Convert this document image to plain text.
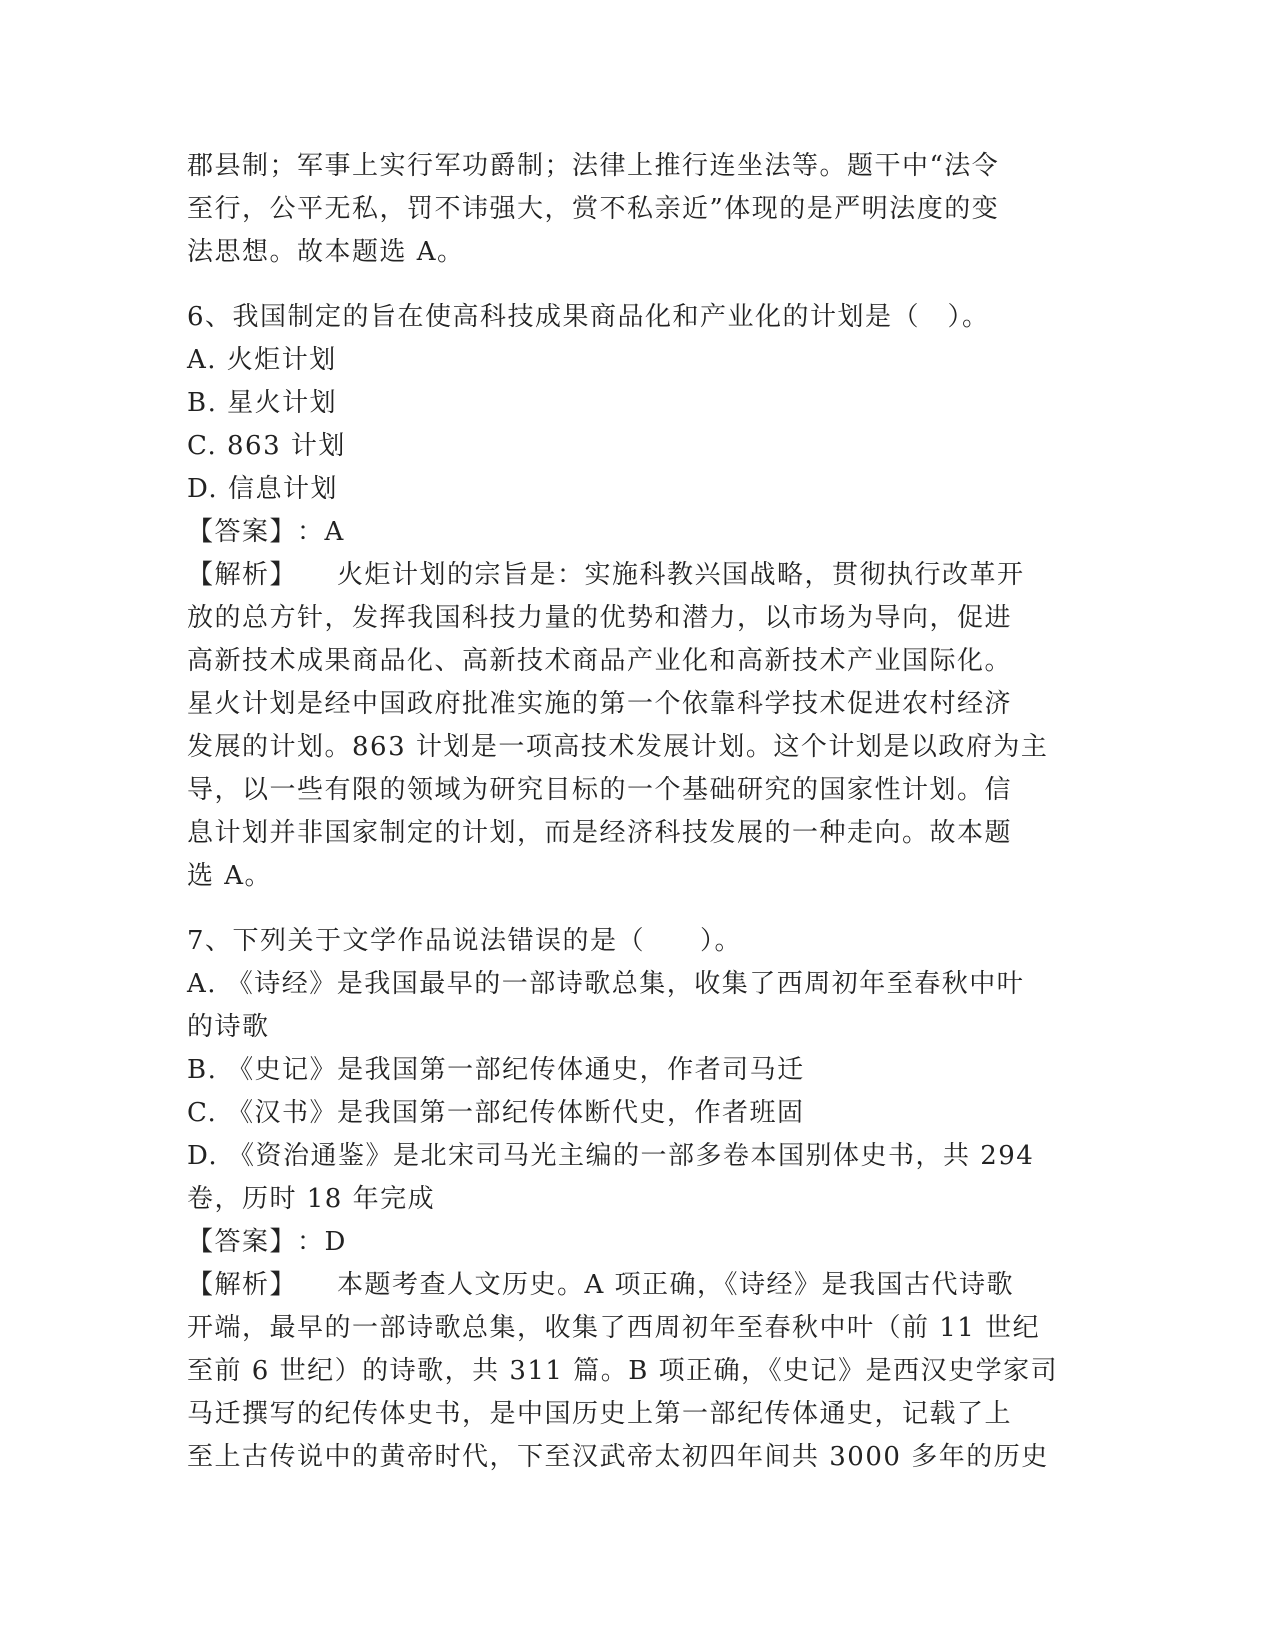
郡县制；军事上实行军功爵制；法律上推行连坐法等。题干中“法令
至行，公平无私，罚不讳强大，赏不私亲近”体现的是严明法度的变
法思想。故本题选 A。
6、我国制定的旨在使高科技成果商品化和产业化的计划是（　）。
A. 火炬计划
B. 星火计划
C. 863 计划
D. 信息计划
【答案】：A
【解析】 火炬计划的宗旨是：实施科教兴国战略，贯彻执行改革开
放的总方针，发挥我国科技力量的优势和潜力，以市场为导向，促进
高新技术成果商品化、高新技术商品产业化和高新技术产业国际化。
星火计划是经中国政府批准实施的第一个依靠科学技术促进农村经济
发展的计划。863 计划是一项高技术发展计划。这个计划是以政府为主
导，以一些有限的领域为研究目标的一个基础研究的国家性计划。信
息计划并非国家制定的计划，而是经济科技发展的一种走向。故本题
选 A。
7、下列关于文学作品说法错误的是（　　）。
A. 《诗经》是我国最早的一部诗歌总集，收集了西周初年至春秋中叶
的诗歌
B. 《史记》是我国第一部纪传体通史，作者司马迁
C. 《汉书》是我国第一部纪传体断代史，作者班固
D. 《资治通鉴》是北宋司马光主编的一部多卷本国别体史书，共 294
卷，历时 18 年完成
【答案】：D
【解析】 本题考查人文历史。A 项正确，《诗经》是我国古代诗歌
开端，最早的一部诗歌总集，收集了西周初年至春秋中叶（前 11 世纪
至前 6 世纪）的诗歌，共 311 篇。B 项正确，《史记》是西汉史学家司
马迁撰写的纪传体史书，是中国历史上第一部纪传体通史，记载了上
至上古传说中的黄帝时代，下至汉武帝太初四年间共 3000 多年的历史
